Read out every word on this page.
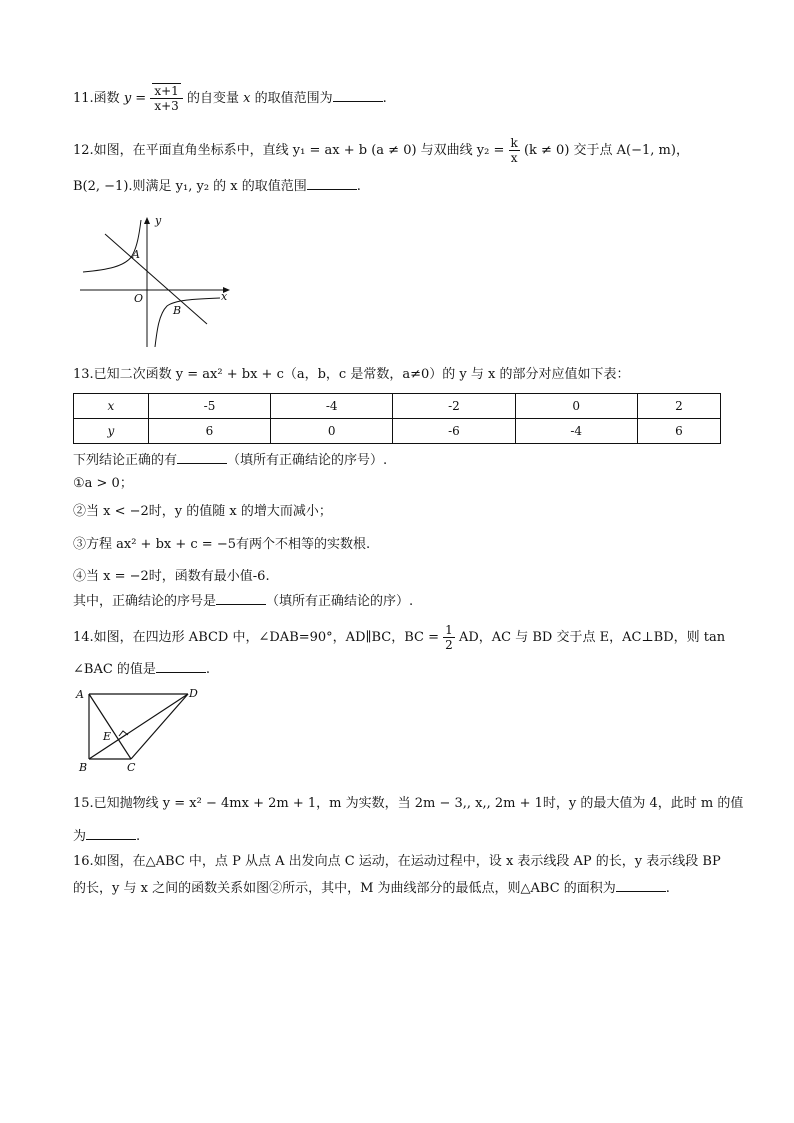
11.函数 $y = \frac{x+1}{x+3}$ 的自变量 x 的取值范围为	.
12.如图，在平面直角坐标系中，直线 y₁ = ax + b (a ≠ 0) 与双曲线 $y_2 = \frac{k}{x} (k \ne 0)$ 交于点 A(−1, m)，
B(2, −1).则满足 y₁, y₂ 的 x 的取值范围	.
y
x
O
A
B
13.已知二次函数 y = ax² + bx + c（a，b，c 是常数，a≠0）的 y 与 x 的部分对应值如下表：
x	-5	-4	-2	0	2
y	6	0	-6	-4	6
下列结论正确的有	（填所有正确结论的序号）.
①a > 0；
②当 x < −2时，y 的值随 x 的增大而减小；
③方程 ax² + bx + c = −5有两个不相等的实数根.
④当 x = −2时，函数有最小值-6.
其中，正确结论的序号是	（填所有正确结论的序）.
14.如图，在四边形 ABCD 中，∠DAB=90°，AD∥BC，BC = $\frac{1}{2}$ AD，AC 与 BD 交于点 E，AC⊥BD，则 tan
∠BAC 的值是	.
A	D
B	C
E
15.已知抛物线 y = x² − 4mx + 2m + 1，m 为实数，当 2m − 3,, x,, 2m + 1时，y 的最大值为 4，此时 m 的值
为	.
16.如图，在△ABC 中，点 P 从点 A 出发向点 C 运动，在运动过程中，设 x 表示线段 AP 的长，y 表示线段 BP
的长，y 与 x 之间的函数关系如图②所示，其中，M 为曲线部分的最低点，则△ABC 的面积为	.
